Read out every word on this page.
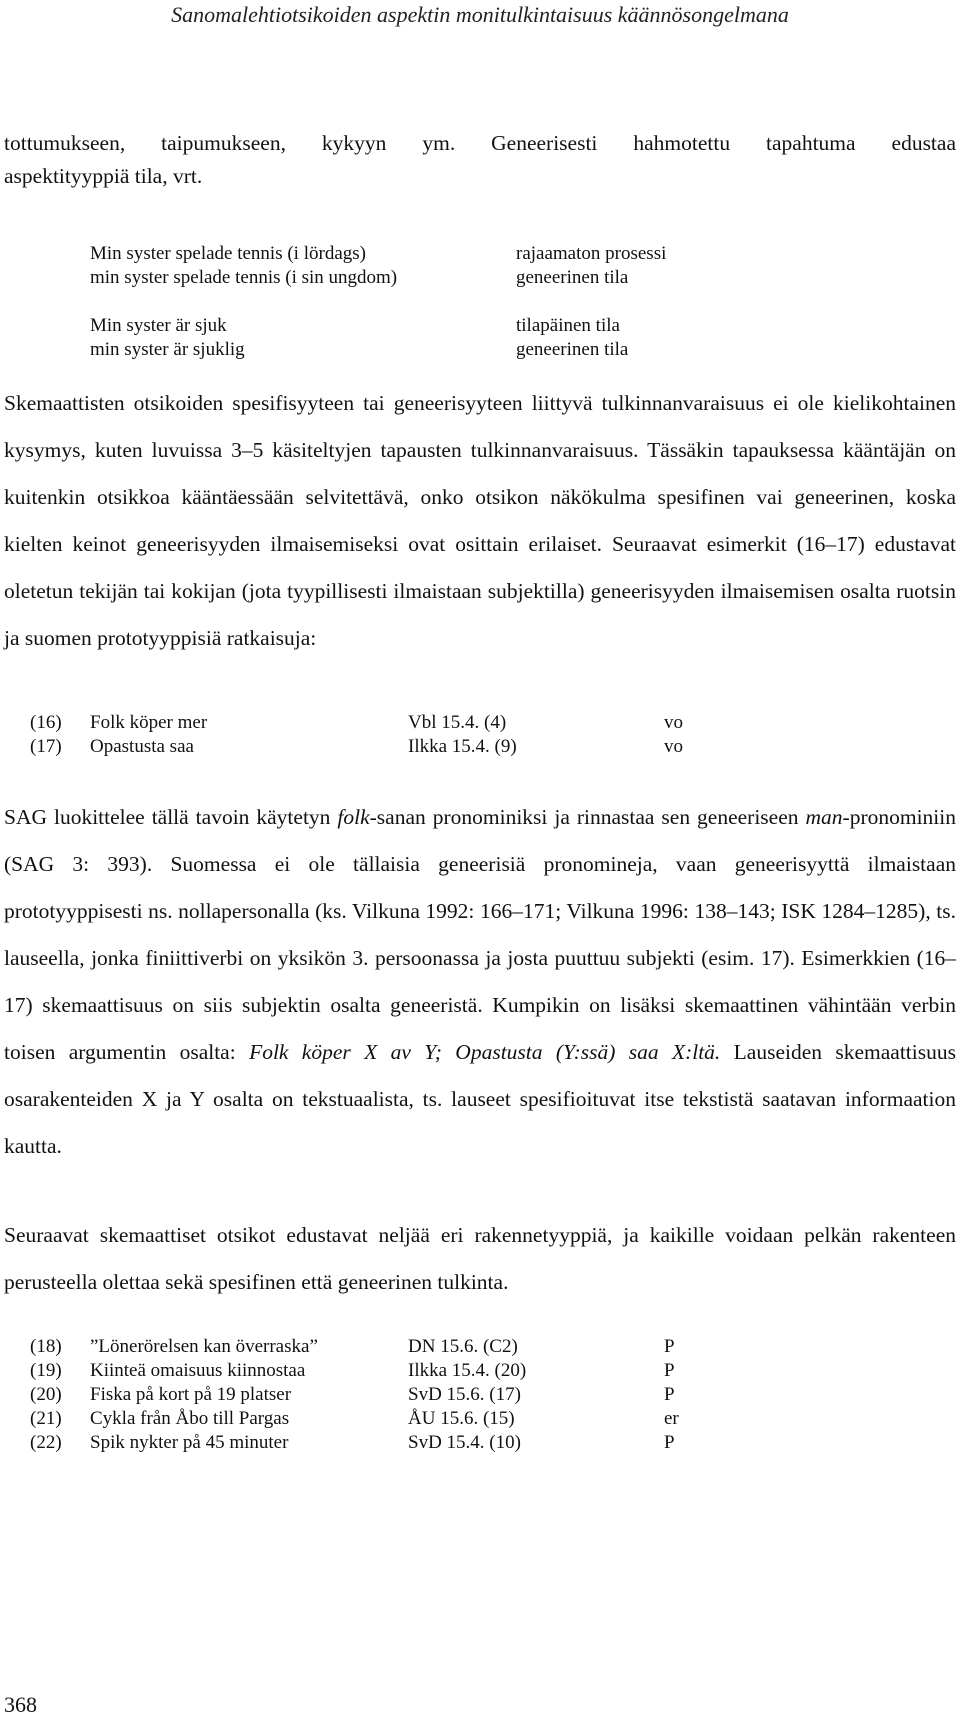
Sanomalehtiotsikoiden aspektin monitulkintaisuus käännösongelmana

tottumukseen, taipumukseen, kykyyn ym. Geneerisesti hahmotettu tapahtuma edustaa

aspektityyppiä tila, vrt.

Min syster spelade tennis (i lördags)	rajaamaton prosessi
min syster spelade tennis (i sin ungdom)	geneerinen tila
Min syster är sjuk	tilapäinen tila
min syster är sjuklig	geneerinen tila

Skemaattisten otsikoiden spesifisyyteen tai geneerisyyteen liittyvä tulkinnanvaraisuus ei ole kielikohtainen kysymys, kuten luvuissa 3–5 käsiteltyjen tapausten tulkinnanvaraisuus. Tässäkin tapauksessa kääntäjän on kuitenkin otsikkoa kääntäessään selvitettävä, onko otsikon näkökulma spesifinen vai geneerinen, koska kielten keinot geneerisyyden ilmaisemiseksi ovat osittain erilaiset. Seuraavat esimerkit (16–17) edustavat oletetun tekijän tai kokijan (jota tyypillisesti ilmaistaan subjektilla) geneerisyyden ilmaisemisen osalta ruotsin ja suomen prototyyppisiä ratkaisuja:

(16) Folk köper mer	Vbl 15.4. (4)	vo
(17) Opastusta saa	Ilkka 15.4. (9)	vo

SAG luokittelee tällä tavoin käytetyn folk-sanan pronominiksi ja rinnastaa sen geneeriseen man-pronominiin (SAG 3: 393). Suomessa ei ole tällaisia geneerisiä pronomineja, vaan geneerisyyttä ilmaistaan prototyyppisesti ns. nollapersonalla (ks. Vilkuna 1992: 166–171; Vilkuna 1996: 138–143; ISK 1284–1285), ts. lauseella, jonka finiittiverbi on yksikön 3. persoonassa ja josta puuttuu subjekti (esim. 17). Esimerkkien (16–17) skemaattisuus on siis subjektin osalta geneeristä. Kumpikin on lisäksi skemaattinen vähintään verbin toisen argumentin osalta: Folk köper X av Y; Opastusta (Y:ssä) saa X:ltä. Lauseiden skemaattisuus osarakenteiden X ja Y osalta on tekstuaalista, ts. lauseet spesifioituvat itse tekstistä saatavan informaation kautta.

Seuraavat skemaattiset otsikot edustavat neljää eri rakennetyyppiä, ja kaikille voidaan pelkän rakenteen perusteella olettaa sekä spesifinen että geneerinen tulkinta.

(18) ”Lönerörelsen kan överraska”	DN 15.6. (C2)	P
(19) Kiinteä omaisuus kiinnostaa	Ilkka 15.4. (20)	P
(20) Fiska på kort på 19 platser	SvD 15.6. (17)	P
(21) Cykla från Åbo till Pargas	ÅU 15.6. (15)	er
(22) Spik nykter på 45 minuter	SvD 15.4. (10)	P
368
